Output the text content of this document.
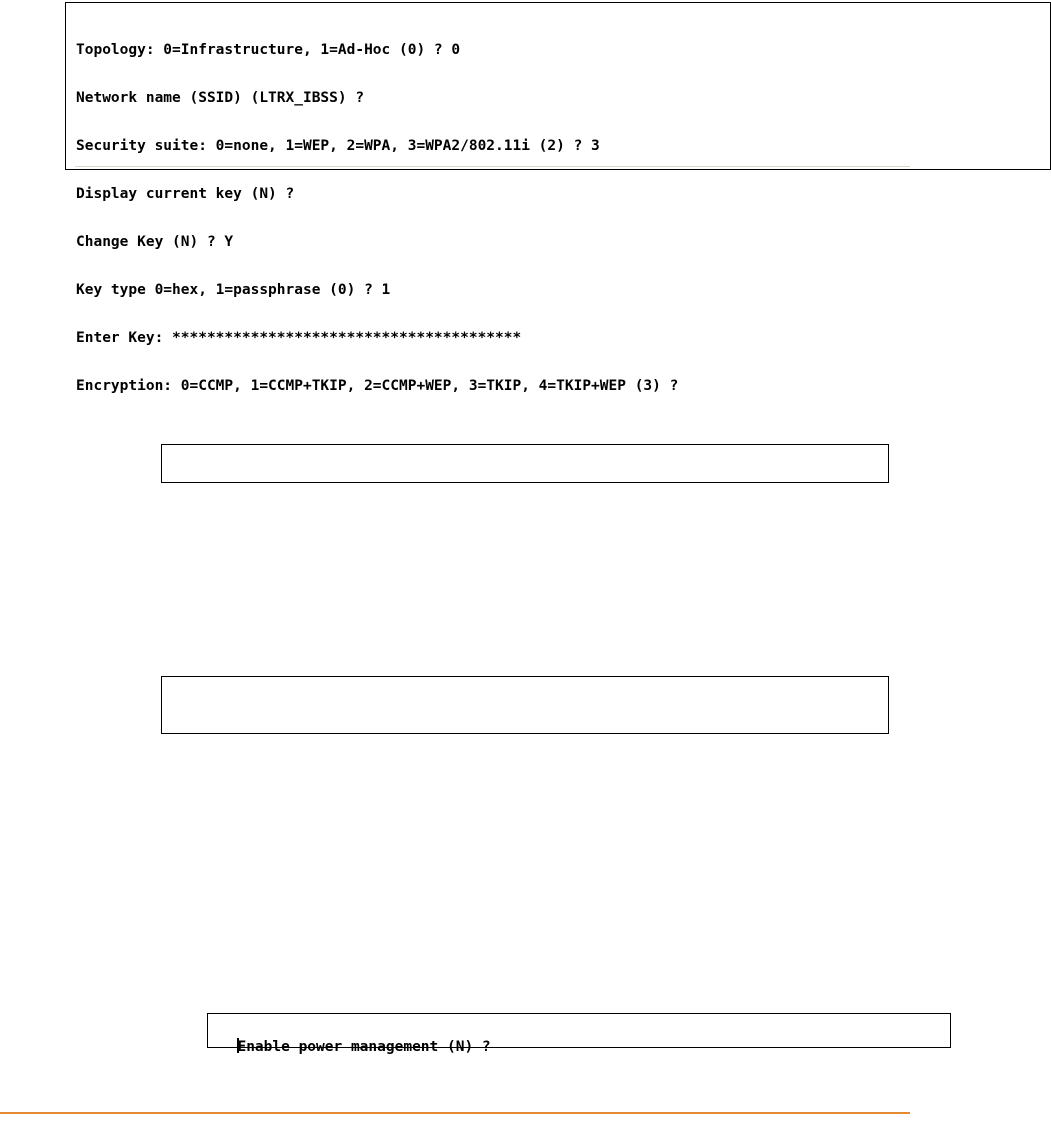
Topology: 0=Infrastructure, 1=Ad-Hoc (0) ? 0

Network name (SSID) (LTRX_IBSS) ?

Security suite: 0=none, 1=WEP, 2=WPA, 3=WPA2/802.11i (2) ? 3

Display current key (N) ?

Change Key (N) ? Y

Key type 0=hex, 1=passphrase (0) ? 1

Enter Key: ****************************************

Encryption: 0=CCMP, 1=CCMP+TKIP, 2=CCMP+WEP, 3=TKIP, 4=TKIP+WEP (3) ?

Enable power management (N) ?
